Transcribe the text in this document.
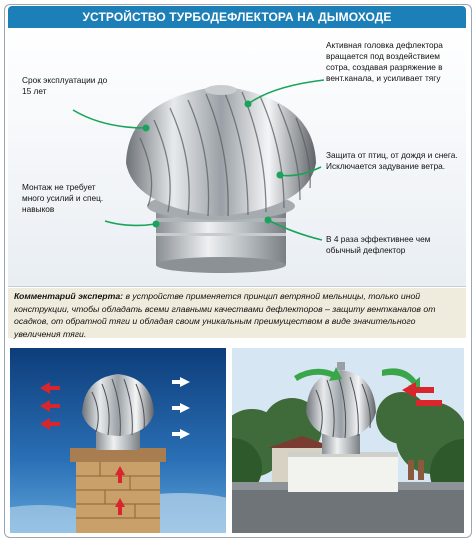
УСТРОЙСТВО ТУРБОДЕФЛЕКТОРА НА ДЫМОХОДЕ
Срок эксплуатации до 15 лет
Монтаж не требует много усилий и спец. навыков
Активная головка дефлектора вращается под воздействием сотра, создавая разряжение в вент.канала, и усиливает тягу
Защита от птиц, от дождя и снега. Исключается задувание ветра.
В 4 раза эффективнее чем обычный дефлектор
Комментарий эксперта: в устройстве применяется принцип ветряной мельницы, только иной конструкции, чтобы обладать всеми главными качествами дефлекторов – защиту вентканалов от осадков, от обратной тяги и обладая своим уникальным преимуществом в виде значительного увеличения тяги.
